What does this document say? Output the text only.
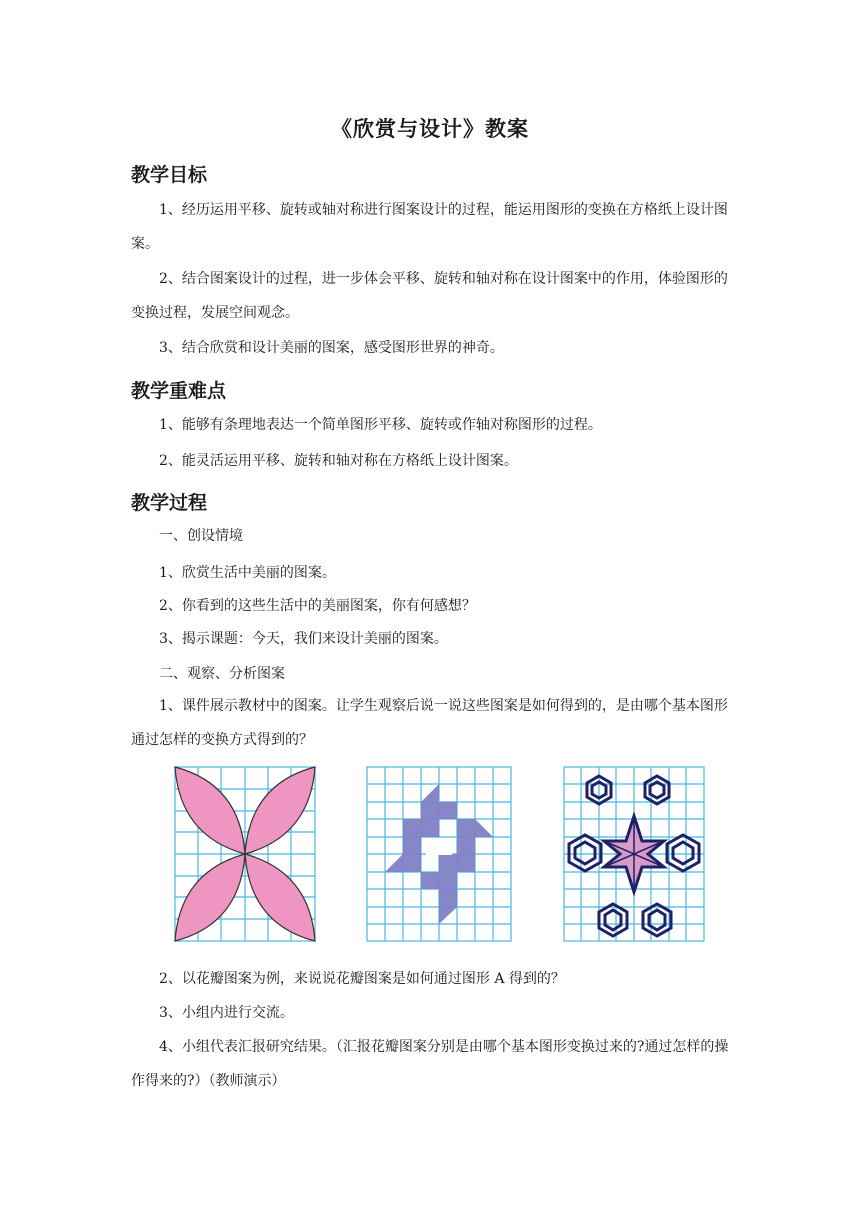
《欣赏与设计》教案
教学目标
1、经历运用平移、旋转或轴对称进行图案设计的过程，能运用图形的变换在方格纸上设计图案。
2、结合图案设计的过程，进一步体会平移、旋转和轴对称在设计图案中的作用，体验图形的变换过程，发展空间观念。
3、结合欣赏和设计美丽的图案，感受图形世界的神奇。
教学重难点
1、能够有条理地表达一个简单图形平移、旋转或作轴对称图形的过程。
2、能灵活运用平移、旋转和轴对称在方格纸上设计图案。
教学过程
一、创设情境
1、欣赏生活中美丽的图案。
2、你看到的这些生活中的美丽图案，你有何感想？
3、揭示课题：今天，我们来设计美丽的图案。
二、观察、分析图案
1、课件展示教材中的图案。让学生观察后说一说这些图案是如何得到的，是由哪个基本图形通过怎样的变换方式得到的？
2、以花瓣图案为例，来说说花瓣图案是如何通过图形 A 得到的？
3、小组内进行交流。
4、小组代表汇报研究结果。（汇报花瓣图案分别是由哪个基本图形变换过来的?通过怎样的操作得来的?）（教师演示）
